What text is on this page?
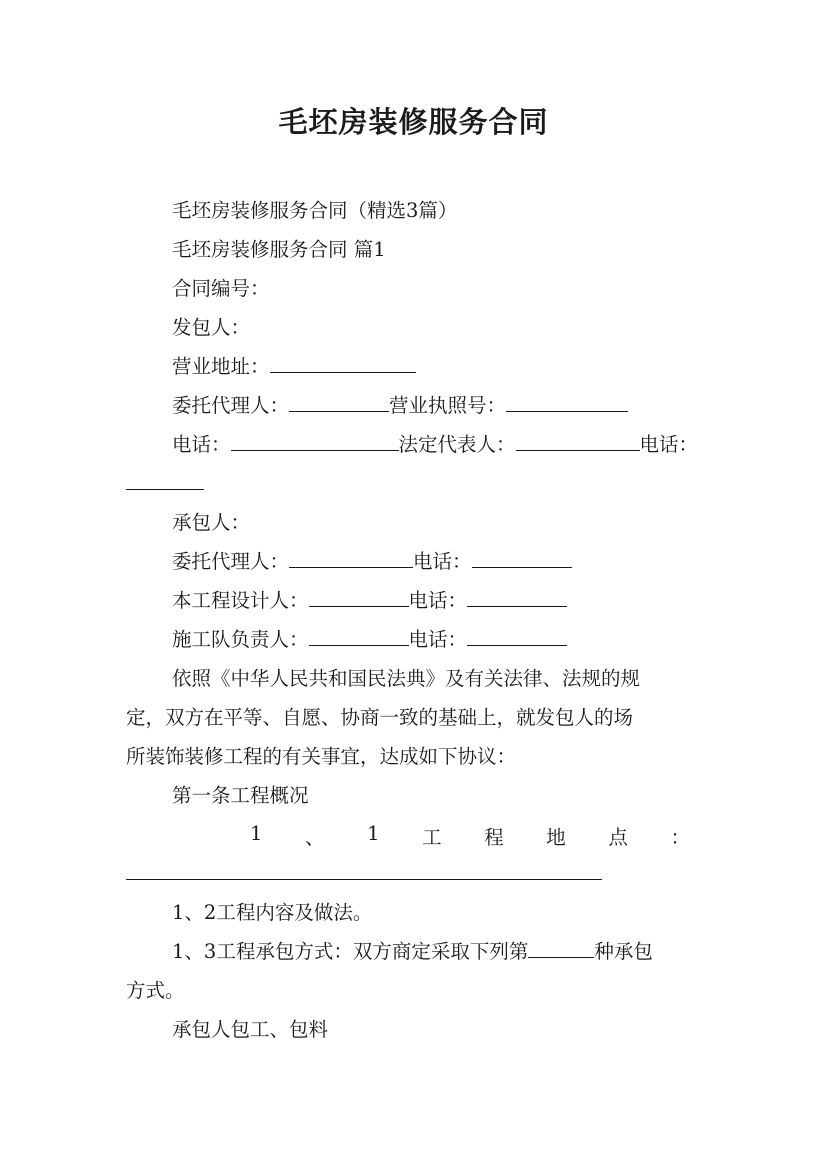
毛坯房装修服务合同
毛坯房装修服务合同（精选3篇）
毛坯房装修服务合同 篇1
合同编号：
发包人：
营业地址：
委托代理人：	营业执照号：
电话：	法定代表人：	电话：
承包人：
委托代理人：	电话：
本工程设计人：	电话：
施工队负责人：	电话：
依照《中华人民共和国民法典》及有关法律、法规的规
定，双方在平等、自愿、协商一致的基础上，就发包人的场
所装饰装修工程的有关事宜，达成如下协议：
第一条工程概况
1 、 1 工 程 地 点 ：
1、2工程内容及做法。
1、3工程承包方式：双方商定采取下列第	种承包
方式。
承包人包工、包料
